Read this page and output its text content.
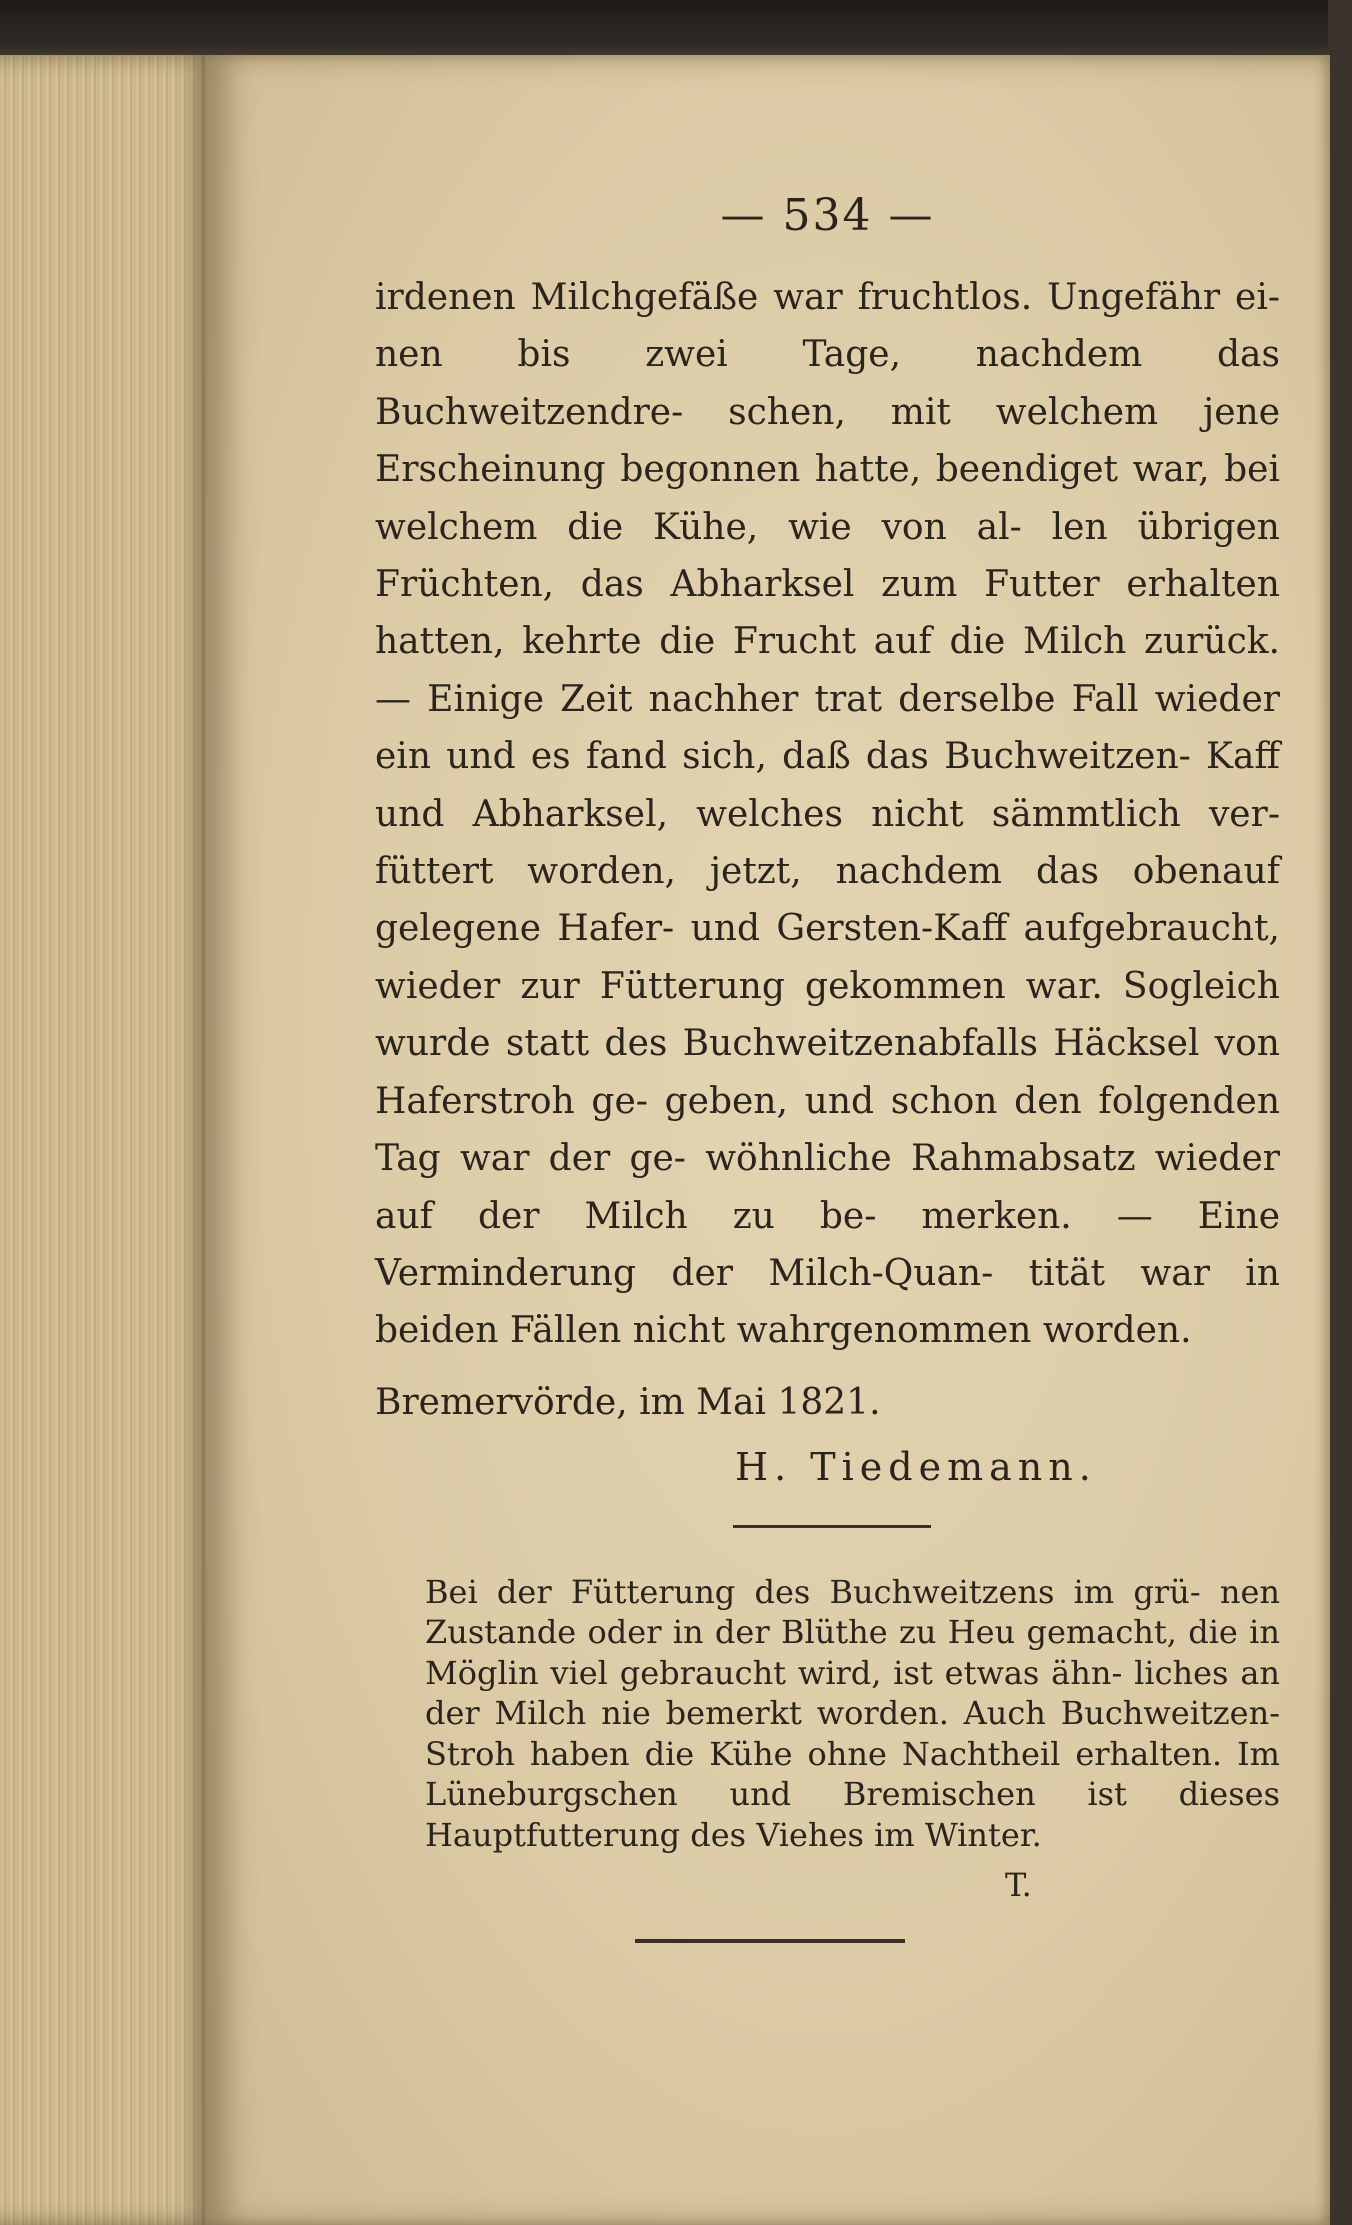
— 534 —

irdenen Milchgefäße war fruchtlos. Ungefähr ei- nen bis zwei Tage, nachdem das Buchweitzendre- schen, mit welchem jene Erscheinung begonnen hatte, beendiget war, bei welchem die Kühe, wie von al- len übrigen Früchten, das Abharksel zum Futter erhalten hatten, kehrte die Frucht auf die Milch zurück. — Einige Zeit nachher trat derselbe Fall wieder ein und es fand sich, daß das Buchweitzen- Kaff und Abharksel, welches nicht sämmtlich ver- füttert worden, jetzt, nachdem das obenauf gelegene Hafer- und Gersten-Kaff aufgebraucht, wieder zur Fütterung gekommen war. Sogleich wurde statt des Buchweitzenabfalls Häcksel von Haferstroh ge- geben, und schon den folgenden Tag war der ge- wöhnliche Rahmabsatz wieder auf der Milch zu be- merken. — Eine Verminderung der Milch-Quan- tität war in beiden Fällen nicht wahrgenommen worden.

Bremervörde, im Mai 1821.
H. Tiedemann.

Bei der Fütterung des Buchweitzens im grü- nen Zustande oder in der Blüthe zu Heu gemacht, die in Möglin viel gebraucht wird, ist etwas ähn- liches an der Milch nie bemerkt worden. Auch Buchweitzen-Stroh haben die Kühe ohne Nachtheil erhalten. Im Lüneburgschen und Bremischen ist dieses Hauptfutterung des Viehes im Winter.

T.
